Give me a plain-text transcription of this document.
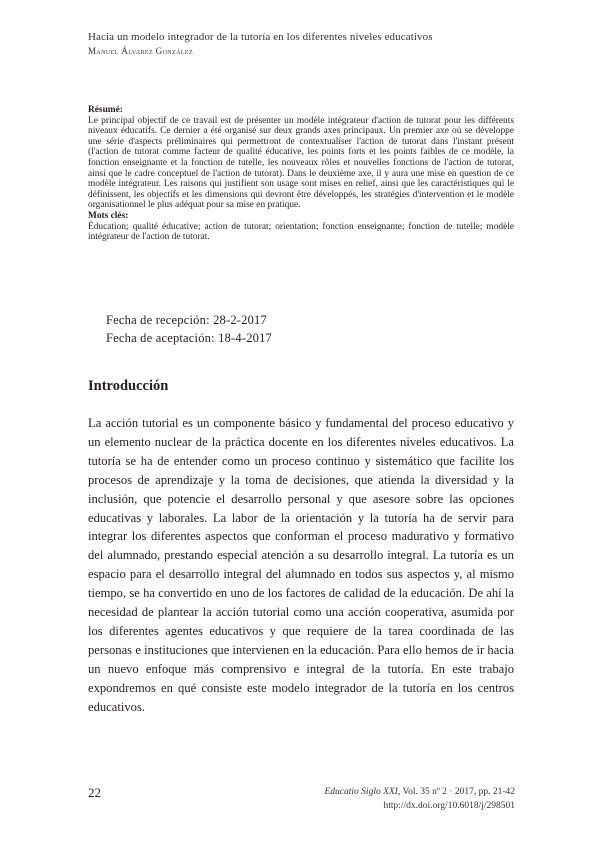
Hacia un modelo integrador de la tutoría en los diferentes niveles educativos
Manuel Álvarez González
Résumé:
Le principal objectif de ce travail est de présenter un modèle intégrateur d'action de tutorat pour les différents niveaux éducatifs. Ce dernier a été organisé sur deux grands axes principaux. Un premier axe où se développe une série d'aspects préliminaires qui permettront de contextualiser l'action de tutorat dans l'instant présent (l'action de tutorat comme facteur de qualité éducative, les points forts et les points faibles de ce modèle, la fonction enseignante et la fonction de tutelle, les nouveaux rôles et nouvelles fonctions de l'action de tutorat, ainsi que le cadre conceptuel de l'action de tutorat). Dans le deuxième axe, il y aura une mise en question de ce modèle intégrateur. Les raisons qui justifient son usage sont mises en relief, ainsi que les caractéristiques qui le définissent, les objectifs et les dimensions qui devront être développés, les stratégies d'intervention et le modèle organisationnel le plus adéquat pour sa mise en pratique.
Mots clés:
Éducation; qualité éducative; action de tutorat; orientation; fonction enseignante; fonction de tutelle; modèle intégrateur de l'action de tutorat.
Fecha de recepción: 28-2-2017
Fecha de aceptación: 18-4-2017
Introducción
La acción tutorial es un componente básico y fundamental del proceso educativo y un elemento nuclear de la práctica docente en los diferentes niveles educativos. La tutoría se ha de entender como un proceso continuo y sistemático que facilite los procesos de aprendizaje y la toma de decisiones, que atienda la diversidad y la inclusión, que potencie el desarrollo personal y que asesore sobre las opciones educativas y laborales. La labor de la orientación y la tutoría ha de servir para integrar los diferentes aspectos que conforman el proceso madurativo y formativo del alumnado, prestando especial atención a su desarrollo integral. La tutoría es un espacio para el desarrollo integral del alumnado en todos sus aspectos y, al mismo tiempo, se ha convertido en uno de los factores de calidad de la educación. De ahí la necesidad de plantear la acción tutorial como una acción cooperativa, asumida por los diferentes agentes educativos y que requiere de la tarea coordinada de las personas e instituciones que intervienen en la educación. Para ello hemos de ir hacia un nuevo enfoque más comprensivo e integral de la tutoría. En este trabajo expondremos en qué consiste este modelo integrador de la tutoría en los centros educativos.
22	Educatio Siglo XXI, Vol. 35 nº 2 · 2017, pp. 21-42
http://dx.doi.org/10.6018/j/298501
